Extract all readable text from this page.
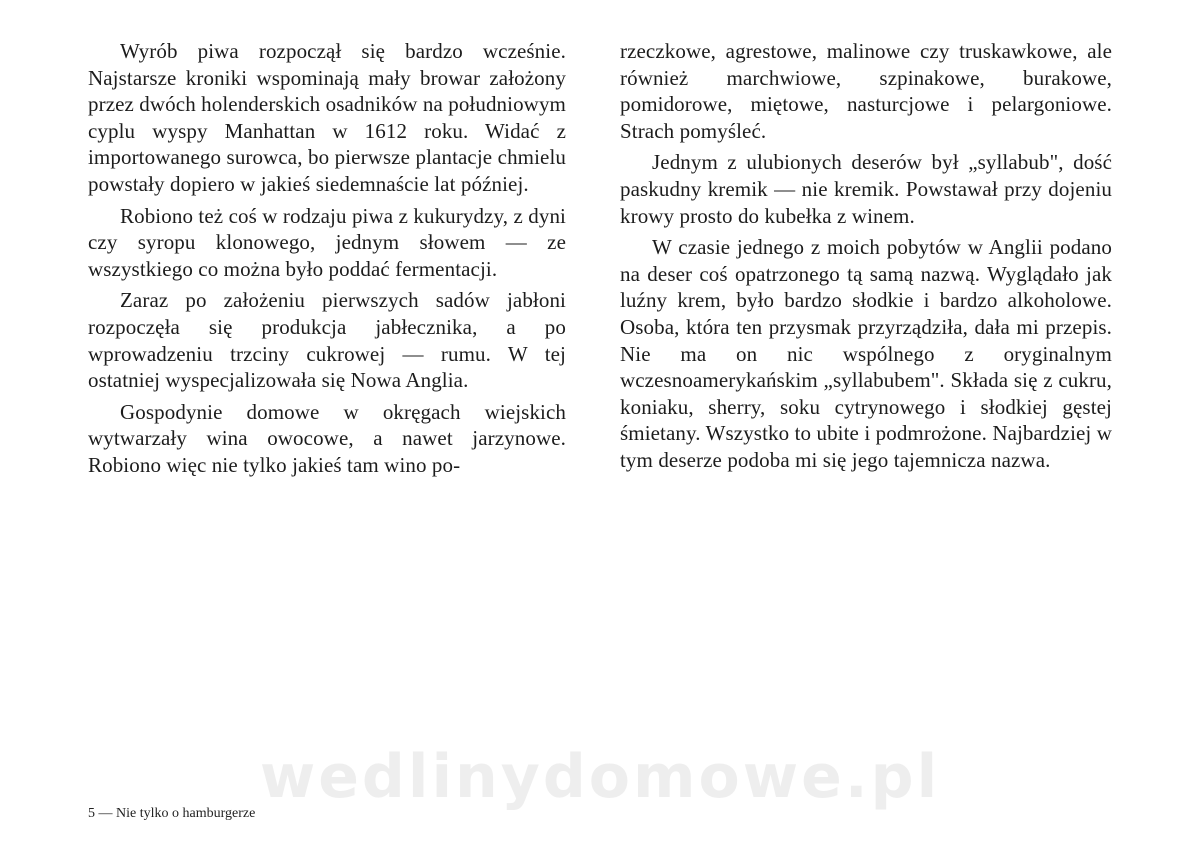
wedlinydomowe.pl

Wyrób piwa rozpoczął się bardzo wcześnie. Najstarsze kroniki wspominają mały browar założony przez dwóch holenderskich osadników na południowym cyplu wyspy Manhattan w 1612 roku. Widać z importowanego surowca, bo pierwsze plantacje chmielu powstały dopiero w jakieś siedemnaście lat później.

Robiono też coś w rodzaju piwa z kukurydzy, z dyni czy syropu klonowego, jednym słowem — ze wszystkiego co można było poddać fermentacji.

Zaraz po założeniu pierwszych sadów jabłoni rozpoczęła się produkcja jabłecznika, a po wprowadzeniu trzciny cukrowej — rumu. W tej ostatniej wyspecjalizowała się Nowa Anglia.

Gospodynie domowe w okręgach wiejskich wytwarzały wina owocowe, a nawet jarzynowe. Robiono więc nie tylko jakieś tam wino po-

rzeczkowe, agrestowe, malinowe czy truskawkowe, ale również marchwiowe, szpinakowe, burakowe, pomidorowe, miętowe, nasturcjowe i pelargoniowe. Strach pomyśleć.

Jednym z ulubionych deserów był „syllabub", dość paskudny kremik — nie kremik. Powstawał przy dojeniu krowy prosto do kubełka z winem.

W czasie jednego z moich pobytów w Anglii podano na deser coś opatrzonego tą samą nazwą. Wyglądało jak luźny krem, było bardzo słodkie i bardzo alkoholowe. Osoba, która ten przysmak przyrządziła, dała mi przepis. Nie ma on nic wspólnego z oryginalnym wczesnoamerykańskim „syllabubem". Składa się z cukru, koniaku, sherry, soku cytrynowego i słodkiej gęstej śmietany. Wszystko to ubite i podmrożone. Najbardziej w tym deserze podoba mi się jego tajemnicza nazwa.

5 — Nie tylko o hamburgerze
